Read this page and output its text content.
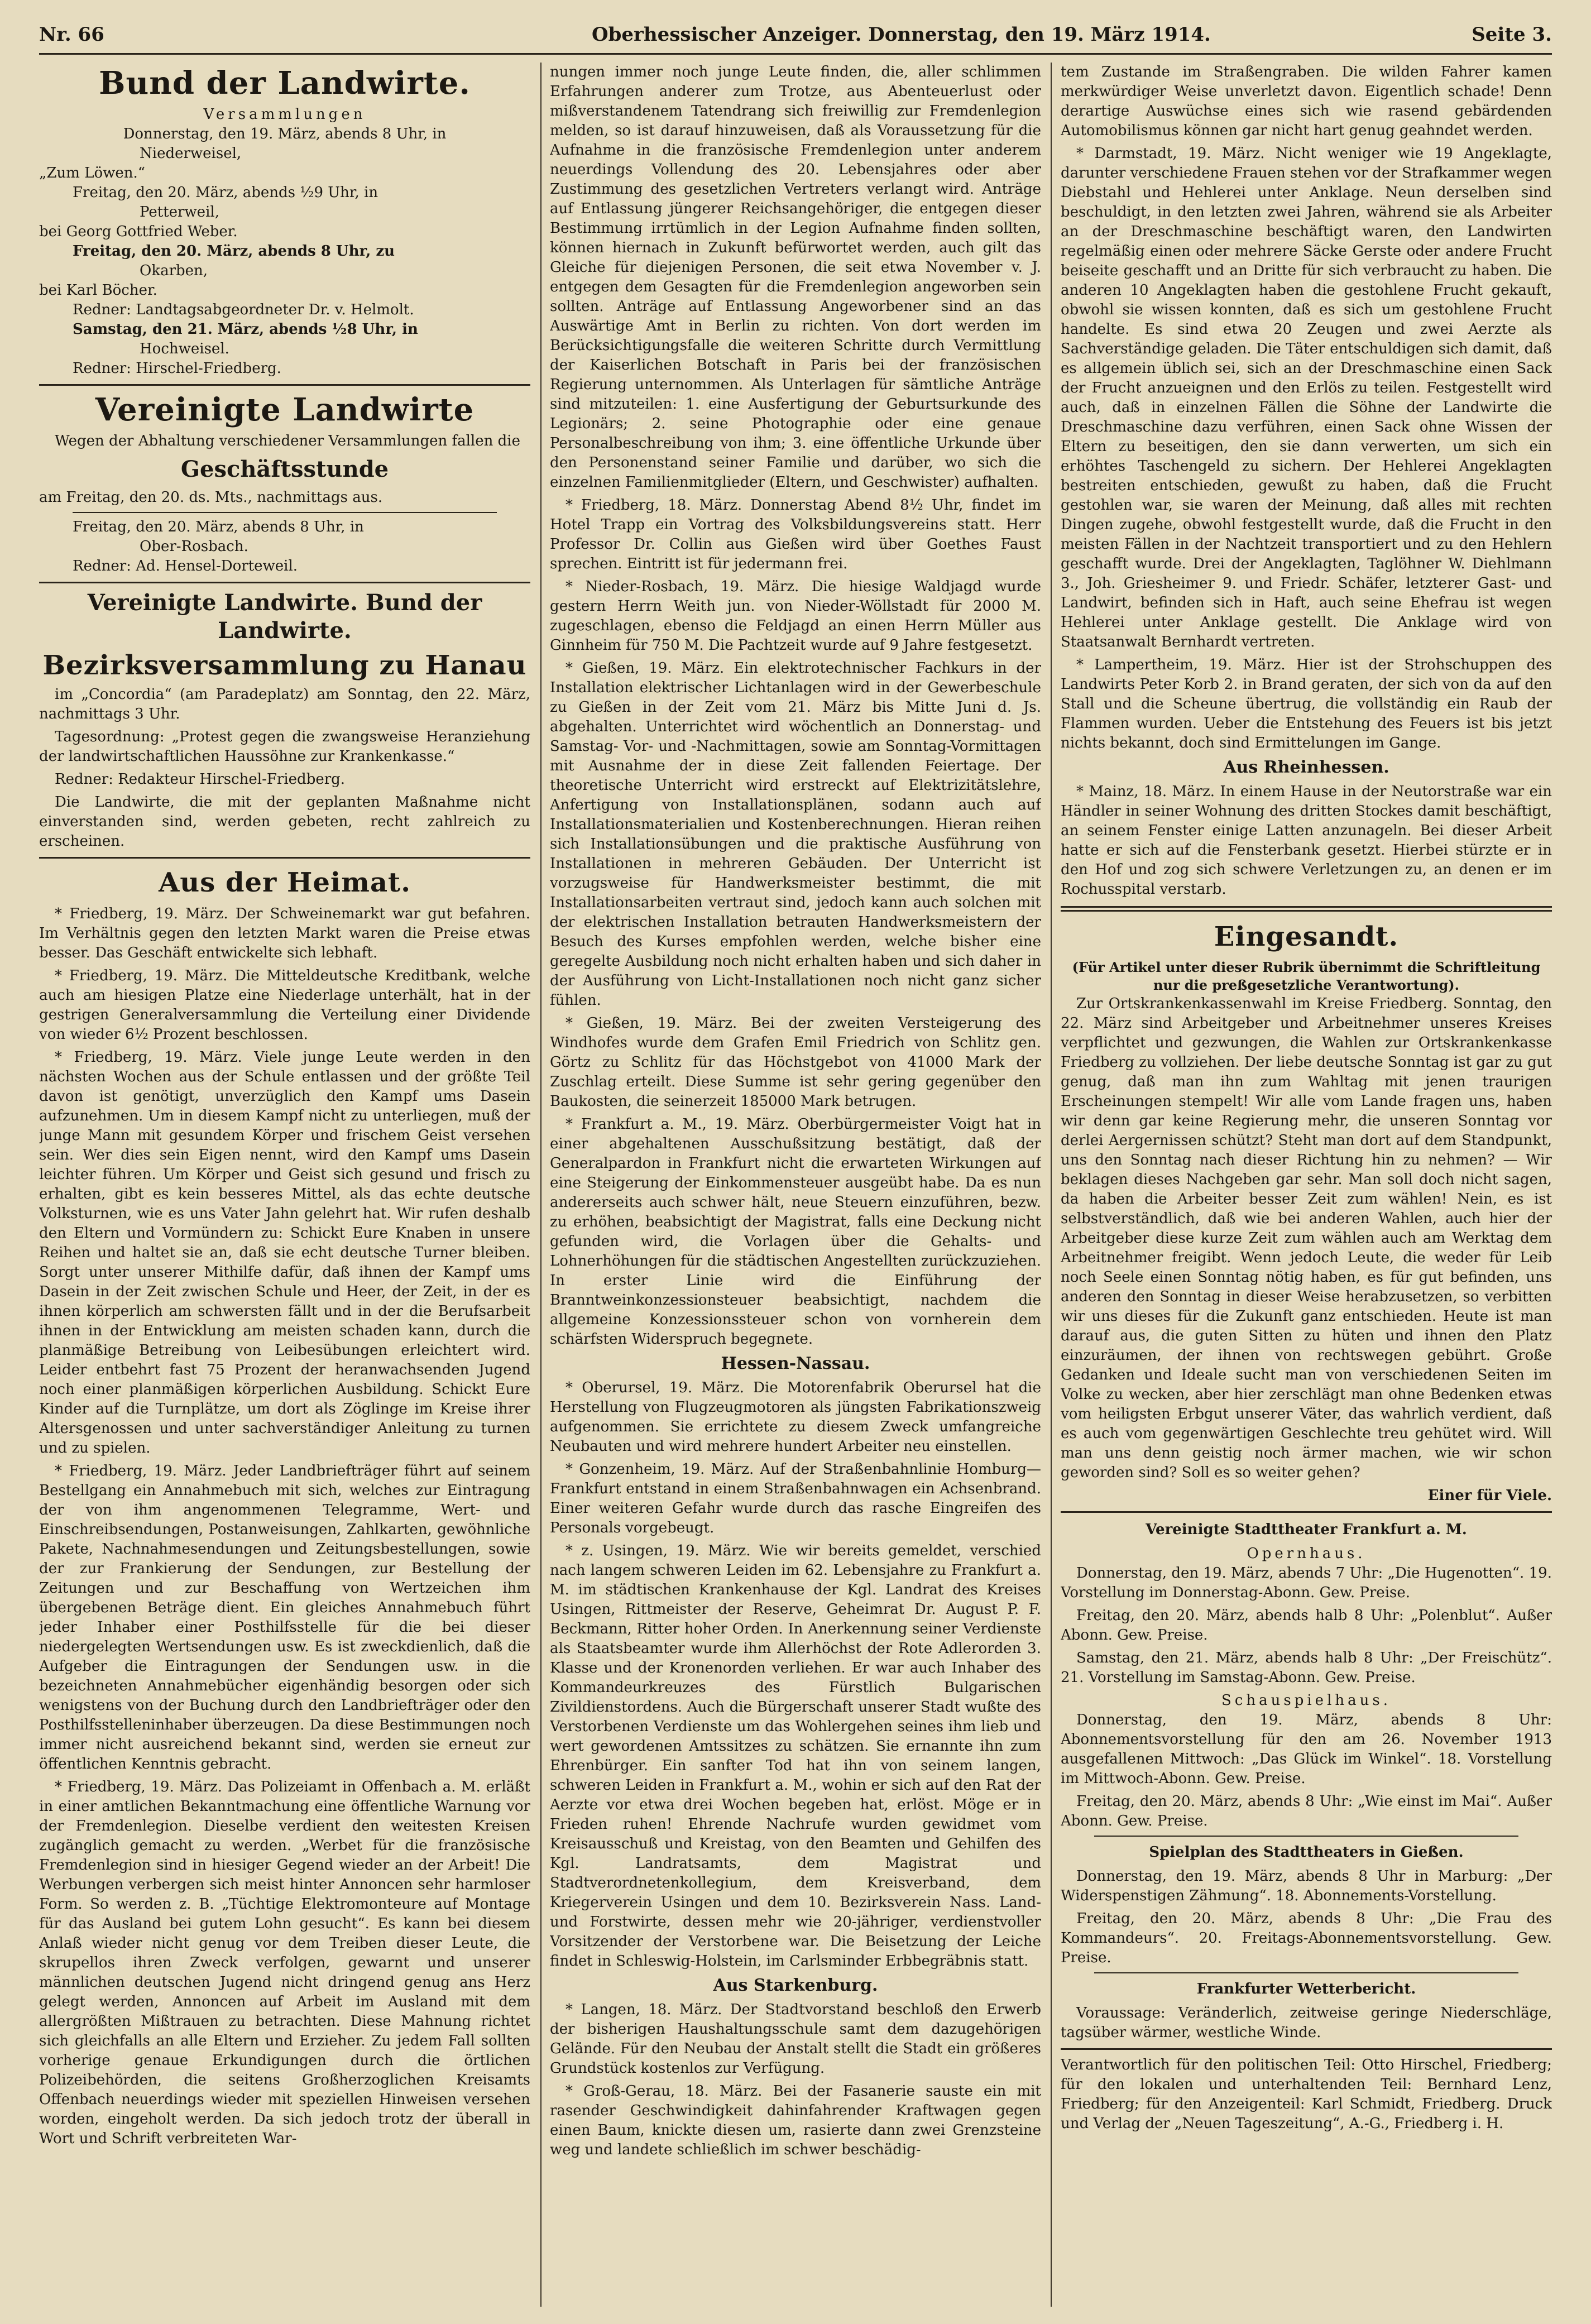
Nr. 66	Oberhessischer Anzeiger. Donnerstag, den 19. März 1914.	Seite 3.
Bund der Landwirte.
Versammlungen
Donnerstag, den 19. März, abends 8 Uhr, in
Niederweisel,
„Zum Löwen.“
Freitag, den 20. März, abends ½9 Uhr, in
Petterweil,
bei Georg Gottfried Weber.
Freitag, den 20. März, abends 8 Uhr, zu
Okarben,
bei Karl Böcher.
Redner: Landtagsabgeordneter Dr. v. Helmolt.
Samstag, den 21. März, abends ½8 Uhr, in
Hochweisel.
Redner: Hirschel-Friedberg.
Vereinigte Landwirte
Wegen der Abhaltung verschiedener Versammlungen fallen die
Geschäftsstunde
am Freitag, den 20. ds. Mts., nachmittags aus.
Freitag, den 20. März, abends 8 Uhr, in
Ober-Rosbach.
Redner: Ad. Hensel-Dorteweil.
Vereinigte Landwirte. Bund der Landwirte.
Bezirksversammlung zu Hanau
im „Concordia“ (am Paradeplatz) am Sonntag, den 22. März, nachmittags 3 Uhr.
Tagesordnung: „Protest gegen die zwangsweise Heranziehung der landwirtschaftlichen Haussöhne zur Krankenkasse.“
Redner: Redakteur Hirschel-Friedberg.
Die Landwirte, die mit der geplanten Maßnahme nicht einverstanden sind, werden gebeten, recht zahlreich zu erscheinen.
Aus der Heimat.
* Friedberg, 19. März. Der Schweinemarkt war gut befahren. Im Verhältnis gegen den letzten Markt waren die Preise etwas besser. Das Geschäft entwickelte sich lebhaft.
* Friedberg, 19. März. Die Mitteldeutsche Kreditbank, welche auch am hiesigen Platze eine Niederlage unterhält, hat in der gestrigen Generalversammlung die Verteilung einer Dividende von wieder 6½ Prozent beschlossen.
* Friedberg, 19. März. Viele junge Leute werden in den nächsten Wochen aus der Schule entlassen und der größte Teil davon ist genötigt, unverzüglich den Kampf ums Dasein aufzunehmen. Um in diesem Kampf nicht zu unterliegen, muß der junge Mann mit gesundem Körper und frischem Geist versehen sein. Wer dies sein Eigen nennt, wird den Kampf ums Dasein leichter führen. Um Körper und Geist sich gesund und frisch zu erhalten, gibt es kein besseres Mittel, als das echte deutsche Volksturnen, wie es uns Vater Jahn gelehrt hat. Wir rufen deshalb den Eltern und Vormündern zu: Schickt Eure Knaben in unsere Reihen und haltet sie an, daß sie echt deutsche Turner bleiben. Sorgt unter unserer Mithilfe dafür, daß ihnen der Kampf ums Dasein in der Zeit zwischen Schule und Heer, der Zeit, in der es ihnen körperlich am schwersten fällt und in der die Berufsarbeit ihnen in der Entwicklung am meisten schaden kann, durch die planmäßige Betreibung von Leibesübungen erleichtert wird. Leider entbehrt fast 75 Prozent der heranwachsenden Jugend noch einer planmäßigen körperlichen Ausbildung. Schickt Eure Kinder auf die Turnplätze, um dort als Zöglinge im Kreise ihrer Altersgenossen und unter sachverständiger Anleitung zu turnen und zu spielen.
* Friedberg, 19. März. Jeder Landbriefträger führt auf seinem Bestellgang ein Annahmebuch mit sich, welches zur Eintragung der von ihm angenommenen Telegramme, Wert- und Einschreibsendungen, Postanweisungen, Zahlkarten, gewöhnliche Pakete, Nachnahmesendungen und Zeitungsbestellungen, sowie der zur Frankierung der Sendungen, zur Bestellung der Zeitungen und zur Beschaffung von Wertzeichen ihm übergebenen Beträge dient. Ein gleiches Annahmebuch führt jeder Inhaber einer Posthilfsstelle für die bei dieser niedergelegten Wertsendungen usw. Es ist zweckdienlich, daß die Aufgeber die Eintragungen der Sendungen usw. in die bezeichneten Annahmebücher eigenhändig besorgen oder sich wenigstens von der Buchung durch den Landbriefträger oder den Posthilfsstelleninhaber überzeugen. Da diese Bestimmungen noch immer nicht ausreichend bekannt sind, werden sie erneut zur öffentlichen Kenntnis gebracht.
* Friedberg, 19. März. Das Polizeiamt in Offenbach a. M. erläßt in einer amtlichen Bekanntmachung eine öffentliche Warnung vor der Fremdenlegion. Dieselbe verdient den weitesten Kreisen zugänglich gemacht zu werden. „Werbet für die französische Fremdenlegion sind in hiesiger Gegend wieder an der Arbeit! Die Werbungen verbergen sich meist hinter Annoncen sehr harmloser Form. So werden z. B. „Tüchtige Elektromonteure auf Montage für das Ausland bei gutem Lohn gesucht“. Es kann bei diesem Anlaß wieder nicht genug vor dem Treiben dieser Leute, die skrupellos ihren Zweck verfolgen, gewarnt und unserer männlichen deutschen Jugend nicht dringend genug ans Herz gelegt werden, Annoncen auf Arbeit im Ausland mit dem allergrößten Mißtrauen zu betrachten. Diese Mahnung richtet sich gleichfalls an alle Eltern und Erzieher. Zu jedem Fall sollten vorherige genaue Erkundigungen durch die örtlichen Polizeibehörden, die seitens Großherzoglichen Kreisamts Offenbach neuerdings wieder mit speziellen Hinweisen versehen worden, eingeholt werden. Da sich jedoch trotz der überall in Wort und Schrift verbreiteten War-
nungen immer noch junge Leute finden, die, aller schlimmen Erfahrungen anderer zum Trotze, aus Abenteuerlust oder mißverstandenem Tatendrang sich freiwillig zur Fremdenlegion melden, so ist darauf hinzuweisen, daß als Voraussetzung für die Aufnahme in die französische Fremdenlegion unter anderem neuerdings Vollendung des 20. Lebensjahres oder aber Zustimmung des gesetzlichen Vertreters verlangt wird. Anträge auf Entlassung jüngerer Reichsangehöriger, die entgegen dieser Bestimmung irrtümlich in der Legion Aufnahme finden sollten, können hiernach in Zukunft befürwortet werden, auch gilt das Gleiche für diejenigen Personen, die seit etwa November v. J. entgegen dem Gesagten für die Fremdenlegion angeworben sein sollten. Anträge auf Entlassung Angeworbener sind an das Auswärtige Amt in Berlin zu richten. Von dort werden im Berücksichtigungsfalle die weiteren Schritte durch Vermittlung der Kaiserlichen Botschaft in Paris bei der französischen Regierung unternommen. Als Unterlagen für sämtliche Anträge sind mitzuteilen: 1. eine Ausfertigung der Geburtsurkunde des Legionärs; 2. seine Photographie oder eine genaue Personalbeschreibung von ihm; 3. eine öffentliche Urkunde über den Personenstand seiner Familie und darüber, wo sich die einzelnen Familienmitglieder (Eltern, und Geschwister) aufhalten.
* Friedberg, 18. März. Donnerstag Abend 8½ Uhr, findet im Hotel Trapp ein Vortrag des Volksbildungsvereins statt. Herr Professor Dr. Collin aus Gießen wird über Goethes Faust sprechen. Eintritt ist für jedermann frei.
* Nieder-Rosbach, 19. März. Die hiesige Waldjagd wurde gestern Herrn Weith jun. von Nieder-Wöllstadt für 2000 M. zugeschlagen, ebenso die Feldjagd an einen Herrn Müller aus Ginnheim für 750 M. Die Pachtzeit wurde auf 9 Jahre festgesetzt.
* Gießen, 19. März. Ein elektrotechnischer Fachkurs in der Installation elektrischer Lichtanlagen wird in der Gewerbeschule zu Gießen in der Zeit vom 21. März bis Mitte Juni d. Js. abgehalten. Unterrichtet wird wöchentlich an Donnerstag- und Samstag- Vor- und -Nachmittagen, sowie am Sonntag-Vormittagen mit Ausnahme der in diese Zeit fallenden Feiertage. Der theoretische Unterricht wird erstreckt auf Elektrizitätslehre, Anfertigung von Installationsplänen, sodann auch auf Installationsmaterialien und Kostenberechnungen. Hieran reihen sich Installationsübungen und die praktische Ausführung von Installationen in mehreren Gebäuden. Der Unterricht ist vorzugsweise für Handwerksmeister bestimmt, die mit Installationsarbeiten vertraut sind, jedoch kann auch solchen mit der elektrischen Installation betrauten Handwerksmeistern der Besuch des Kurses empfohlen werden, welche bisher eine geregelte Ausbildung noch nicht erhalten haben und sich daher in der Ausführung von Licht-Installationen noch nicht ganz sicher fühlen.
* Gießen, 19. März. Bei der zweiten Versteigerung des Windhofes wurde dem Grafen Emil Friedrich von Schlitz gen. Görtz zu Schlitz für das Höchstgebot von 41000 Mark der Zuschlag erteilt. Diese Summe ist sehr gering gegenüber den Baukosten, die seinerzeit 185000 Mark betrugen.
* Frankfurt a. M., 19. März. Oberbürgermeister Voigt hat in einer abgehaltenen Ausschußsitzung bestätigt, daß der Generalpardon in Frankfurt nicht die erwarteten Wirkungen auf eine Steigerung der Einkommensteuer ausgeübt habe. Da es nun andererseits auch schwer hält, neue Steuern einzuführen, bezw. zu erhöhen, beabsichtigt der Magistrat, falls eine Deckung nicht gefunden wird, die Vorlagen über die Gehalts- und Lohnerhöhungen für die städtischen Angestellten zurückzuziehen. In erster Linie wird die Einführung der Branntweinkonzessionsteuer beabsichtigt, nachdem die allgemeine Konzessionssteuer schon von vornherein dem schärfsten Widerspruch begegnete.
Hessen-Nassau.
* Oberursel, 19. März. Die Motorenfabrik Oberursel hat die Herstellung von Flugzeugmotoren als jüngsten Fabrikationszweig aufgenommen. Sie errichtete zu diesem Zweck umfangreiche Neubauten und wird mehrere hundert Arbeiter neu einstellen.
* Gonzenheim, 19. März. Auf der Straßenbahnlinie Homburg—Frankfurt entstand in einem Straßenbahnwagen ein Achsenbrand. Einer weiteren Gefahr wurde durch das rasche Eingreifen des Personals vorgebeugt.
* z. Usingen, 19. März. Wie wir bereits gemeldet, verschied nach langem schweren Leiden im 62. Lebensjahre zu Frankfurt a. M. im städtischen Krankenhause der Kgl. Landrat des Kreises Usingen, Rittmeister der Reserve, Geheimrat Dr. August P. F. Beckmann, Ritter hoher Orden. In Anerkennung seiner Verdienste als Staatsbeamter wurde ihm Allerhöchst der Rote Adlerorden 3. Klasse und der Kronenorden verliehen. Er war auch Inhaber des Kommandeurkreuzes des Fürstlich Bulgarischen Zivildienstordens. Auch die Bürgerschaft unserer Stadt wußte des Verstorbenen Verdienste um das Wohlergehen seines ihm lieb und wert gewordenen Amtssitzes zu schätzen. Sie ernannte ihn zum Ehrenbürger. Ein sanfter Tod hat ihn von seinem langen, schweren Leiden in Frankfurt a. M., wohin er sich auf den Rat der Aerzte vor etwa drei Wochen begeben hat, erlöst. Möge er in Frieden ruhen! Ehrende Nachrufe wurden gewidmet vom Kreisausschuß und Kreistag, von den Beamten und Gehilfen des Kgl. Landratsamts, dem Magistrat und Stadtverordnetenkollegium, dem Kreisverband, dem Kriegerverein Usingen und dem 10. Bezirksverein Nass. Land- und Forstwirte, dessen mehr wie 20-jähriger, verdienstvoller Vorsitzender der Verstorbene war. Die Beisetzung der Leiche findet in Schleswig-Holstein, im Carlsminder Erbbegräbnis statt.
Aus Starkenburg.
* Langen, 18. März. Der Stadtvorstand beschloß den Erwerb der bisherigen Haushaltungsschule samt dem dazugehörigen Gelände. Für den Neubau der Anstalt stellt die Stadt ein größeres Grundstück kostenlos zur Verfügung.
* Groß-Gerau, 18. März. Bei der Fasanerie sauste ein mit rasender Geschwindigkeit dahinfahrender Kraftwagen gegen einen Baum, knickte diesen um, rasierte dann zwei Grenzsteine weg und landete schließlich im schwer beschädig-
tem Zustande im Straßengraben. Die wilden Fahrer kamen merkwürdiger Weise unverletzt davon. Eigentlich schade! Denn derartige Auswüchse eines sich wie rasend gebärdenden Automobilismus können gar nicht hart genug geahndet werden.
* Darmstadt, 19. März. Nicht weniger wie 19 Angeklagte, darunter verschiedene Frauen stehen vor der Strafkammer wegen Diebstahl und Hehlerei unter Anklage. Neun derselben sind beschuldigt, in den letzten zwei Jahren, während sie als Arbeiter an der Dreschmaschine beschäftigt waren, den Landwirten regelmäßig einen oder mehrere Säcke Gerste oder andere Frucht beiseite geschafft und an Dritte für sich verbraucht zu haben. Die anderen 10 Angeklagten haben die gestohlene Frucht gekauft, obwohl sie wissen konnten, daß es sich um gestohlene Frucht handelte. Es sind etwa 20 Zeugen und zwei Aerzte als Sachverständige geladen. Die Täter entschuldigen sich damit, daß es allgemein üblich sei, sich an der Dreschmaschine einen Sack der Frucht anzueignen und den Erlös zu teilen. Festgestellt wird auch, daß in einzelnen Fällen die Söhne der Landwirte die Dreschmaschine dazu verführen, einen Sack ohne Wissen der Eltern zu beseitigen, den sie dann verwerten, um sich ein erhöhtes Taschengeld zu sichern. Der Hehlerei Angeklagten bestreiten entschieden, gewußt zu haben, daß die Frucht gestohlen war, sie waren der Meinung, daß alles mit rechten Dingen zugehe, obwohl festgestellt wurde, daß die Frucht in den meisten Fällen in der Nachtzeit transportiert und zu den Hehlern geschafft wurde. Drei der Angeklagten, Taglöhner W. Diehlmann 3., Joh. Griesheimer 9. und Friedr. Schäfer, letzterer Gast- und Landwirt, befinden sich in Haft, auch seine Ehefrau ist wegen Hehlerei unter Anklage gestellt. Die Anklage wird von Staatsanwalt Bernhardt vertreten.
* Lampertheim, 19. März. Hier ist der Strohschuppen des Landwirts Peter Korb 2. in Brand geraten, der sich von da auf den Stall und die Scheune übertrug, die vollständig ein Raub der Flammen wurden. Ueber die Entstehung des Feuers ist bis jetzt nichts bekannt, doch sind Ermittelungen im Gange.
Aus Rheinhessen.
* Mainz, 18. März. In einem Hause in der Neutorstraße war ein Händler in seiner Wohnung des dritten Stockes damit beschäftigt, an seinem Fenster einige Latten anzunageln. Bei dieser Arbeit hatte er sich auf die Fensterbank gesetzt. Hierbei stürzte er in den Hof und zog sich schwere Verletzungen zu, an denen er im Rochusspital verstarb.
Eingesandt.
(Für Artikel unter dieser Rubrik übernimmt die Schriftleitung nur die preßgesetzliche Verantwortung).
Zur Ortskrankenkassenwahl im Kreise Friedberg. Sonntag, den 22. März sind Arbeitgeber und Arbeitnehmer unseres Kreises verpflichtet und gezwungen, die Wahlen zur Ortskrankenkasse Friedberg zu vollziehen. Der liebe deutsche Sonntag ist gar zu gut genug, daß man ihn zum Wahltag mit jenen traurigen Erscheinungen stempelt! Wir alle vom Lande fragen uns, haben wir denn gar keine Regierung mehr, die unseren Sonntag vor derlei Aergernissen schützt? Steht man dort auf dem Standpunkt, uns den Sonntag nach dieser Richtung hin zu nehmen? — Wir beklagen dieses Nachgeben gar sehr. Man soll doch nicht sagen, da haben die Arbeiter besser Zeit zum wählen! Nein, es ist selbstverständlich, daß wie bei anderen Wahlen, auch hier der Arbeitgeber diese kurze Zeit zum wählen auch am Werktag dem Arbeitnehmer freigibt. Wenn jedoch Leute, die weder für Leib noch Seele einen Sonntag nötig haben, es für gut befinden, uns anderen den Sonntag in dieser Weise herabzusetzen, so verbitten wir uns dieses für die Zukunft ganz entschieden. Heute ist man darauf aus, die guten Sitten zu hüten und ihnen den Platz einzuräumen, der ihnen von rechtswegen gebührt. Große Gedanken und Ideale sucht man von verschiedenen Seiten im Volke zu wecken, aber hier zerschlägt man ohne Bedenken etwas vom heiligsten Erbgut unserer Väter, das wahrlich verdient, daß es auch vom gegenwärtigen Geschlechte treu gehütet wird. Will man uns denn geistig noch ärmer machen, wie wir schon geworden sind? Soll es so weiter gehen?
Einer für Viele.
Vereinigte Stadttheater Frankfurt a. M.
Opernhaus.
Donnerstag, den 19. März, abends 7 Uhr: „Die Hugenotten“. 19. Vorstellung im Donnerstag-Abonn. Gew. Preise.
Freitag, den 20. März, abends halb 8 Uhr: „Polenblut“. Außer Abonn. Gew. Preise.
Samstag, den 21. März, abends halb 8 Uhr: „Der Freischütz“. 21. Vorstellung im Samstag-Abonn. Gew. Preise.
Schauspielhaus.
Donnerstag, den 19. März, abends 8 Uhr: Abonnementsvorstellung für den am 26. November 1913 ausgefallenen Mittwoch: „Das Glück im Winkel“. 18. Vorstellung im Mittwoch-Abonn. Gew. Preise.
Freitag, den 20. März, abends 8 Uhr: „Wie einst im Mai“. Außer Abonn. Gew. Preise.
Spielplan des Stadttheaters in Gießen.
Donnerstag, den 19. März, abends 8 Uhr in Marburg: „Der Widerspenstigen Zähmung“. 18. Abonnements-Vorstellung.
Freitag, den 20. März, abends 8 Uhr: „Die Frau des Kommandeurs“. 20. Freitags-Abonnementsvorstellung. Gew. Preise.
Frankfurter Wetterbericht.
Voraussage: Veränderlich, zeitweise geringe Niederschläge, tagsüber wärmer, westliche Winde.
Verantwortlich für den politischen Teil: Otto Hirschel, Friedberg; für den lokalen und unterhaltenden Teil: Bernhard Lenz, Friedberg; für den Anzeigenteil: Karl Schmidt, Friedberg. Druck und Verlag der „Neuen Tageszeitung“, A.-G., Friedberg i. H.
